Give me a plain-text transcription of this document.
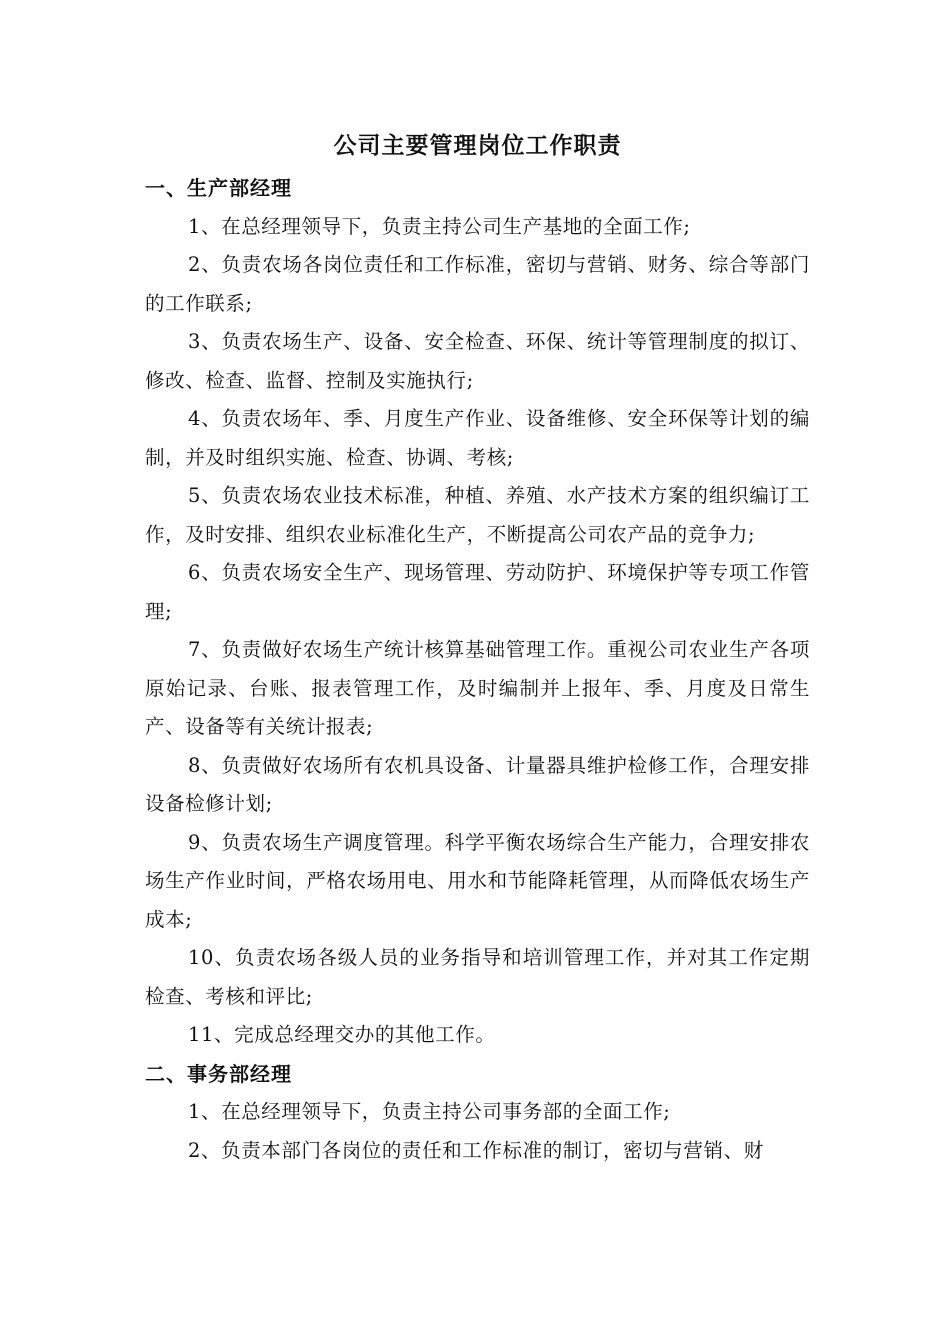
公司主要管理岗位工作职责
一、生产部经理

1、在总经理领导下，负责主持公司生产基地的全面工作;

2、负责农场各岗位责任和工作标准，密切与营销、财务、综合等部门的工作联系;

3、负责农场生产、设备、安全检查、环保、统计等管理制度的拟订、修改、检查、监督、控制及实施执行;

4、负责农场年、季、月度生产作业、设备维修、安全环保等计划的编制，并及时组织实施、检查、协调、考核;

5、负责农场农业技术标准，种植、养殖、水产技术方案的组织编订工作，及时安排、组织农业标准化生产，不断提高公司农产品的竞争力;

6、负责农场安全生产、现场管理、劳动防护、环境保护等专项工作管理;

7、负责做好农场生产统计核算基础管理工作。重视公司农业生产各项原始记录、台账、报表管理工作，及时编制并上报年、季、月度及日常生产、设备等有关统计报表;

8、负责做好农场所有农机具设备、计量器具维护检修工作，合理安排设备检修计划;

9、负责农场生产调度管理。科学平衡农场综合生产能力，合理安排农场生产作业时间，严格农场用电、用水和节能降耗管理，从而降低农场生产成本;

10、负责农场各级人员的业务指导和培训管理工作，并对其工作定期检查、考核和评比;

11、完成总经理交办的其他工作。

二、事务部经理

1、在总经理领导下，负责主持公司事务部的全面工作;

2、负责本部门各岗位的责任和工作标准的制订，密切与营销、财
